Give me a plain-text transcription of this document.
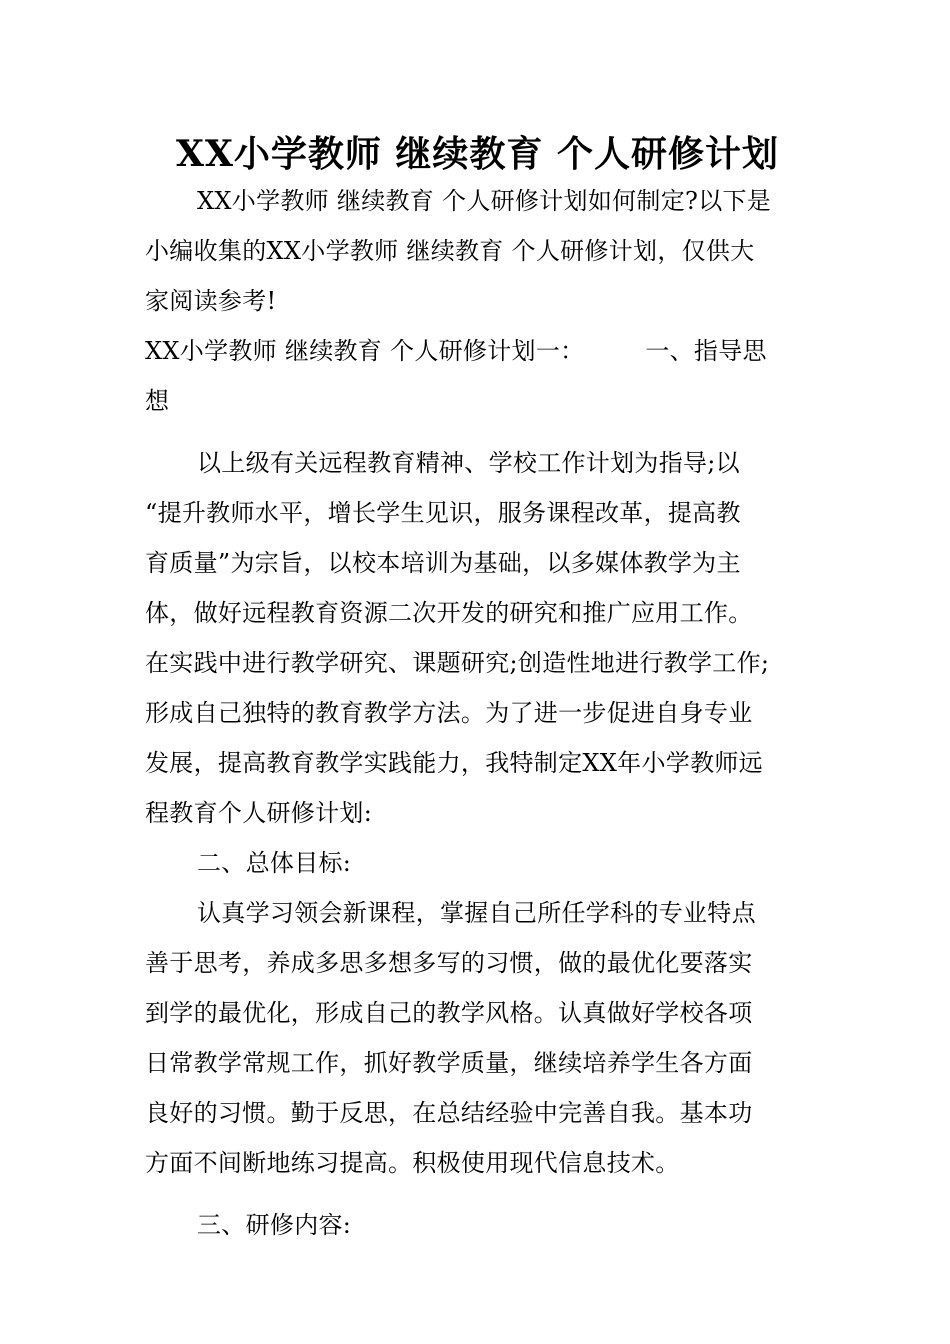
XX小学教师 继续教育 个人研修计划
XX小学教师 继续教育 个人研修计划如何制定?以下是
小编收集的XX小学教师 继续教育 个人研修计划，仅供大
家阅读参考!
XX小学教师 继续教育 个人研修计划一：　　　一、指导思
想
以上级有关远程教育精神、学校工作计划为指导;以
“提升教师水平，增长学生见识，服务课程改革，提高教
育质量”为宗旨，以校本培训为基础，以多媒体教学为主
体，做好远程教育资源二次开发的研究和推广应用工作。
在实践中进行教学研究、课题研究;创造性地进行教学工作;
形成自己独特的教育教学方法。为了进一步促进自身专业
发展，提高教育教学实践能力，我特制定XX年小学教师远
程教育个人研修计划:
二、总体目标:
认真学习领会新课程，掌握自己所任学科的专业特点
善于思考，养成多思多想多写的习惯，做的最优化要落实
到学的最优化，形成自己的教学风格。认真做好学校各项
日常教学常规工作，抓好教学质量，继续培养学生各方面
良好的习惯。勤于反思，在总结经验中完善自我。基本功
方面不间断地练习提高。积极使用现代信息技术。
三、研修内容:
